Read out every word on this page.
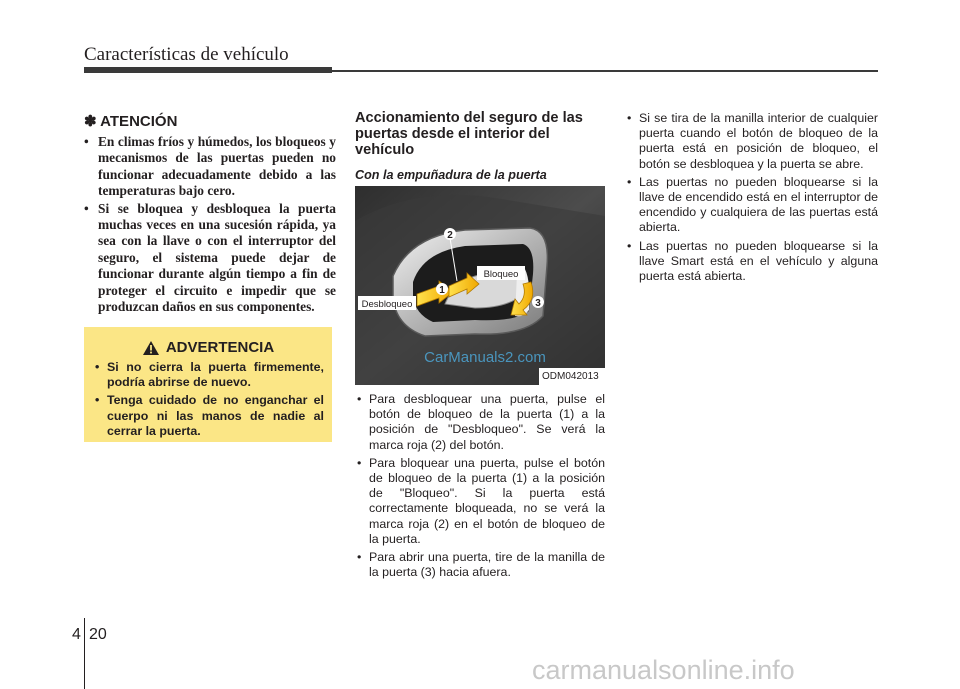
Características de vehículo
✽ ATENCIÓN
• En climas fríos y húmedos, los bloqueos y mecanismos de las puertas pueden no funcionar adecuadamente debido a las temperaturas bajo cero.
• Si se bloquea y desbloquea la puerta muchas veces en una sucesión rápida, ya sea con la llave o con el interruptor del seguro, el sistema puede dejar de funcionar durante algún tiempo a fin de proteger el circuito e impedir que se produzcan daños en sus componentes.
ADVERTENCIA
• Si no cierra la puerta firmemente, podría abrirse de nuevo.
• Tenga cuidado de no enganchar el cuerpo ni las manos de nadie al cerrar la puerta.
Accionamiento del seguro de las puertas desde el interior del vehículo
Con la empuñadura de la puerta
2
1
3
Bloqueo
Desbloqueo
CarManuals2.com
ODM042013
• Para desbloquear una puerta, pulse el botón de bloqueo de la puerta (1) a la posición de "Desbloqueo". Se verá la marca roja (2) del botón.
• Para bloquear una puerta, pulse el botón de bloqueo de la puerta (1) a la posición de "Bloqueo". Si la puerta está correctamente bloqueada, no se verá la marca roja (2) en el botón de bloqueo de la puerta.
• Para abrir una puerta, tire de la manilla de la puerta (3) hacia afuera.
• Si se tira de la manilla interior de cualquier puerta cuando el botón de bloqueo de la puerta está en posición de bloqueo, el botón se desbloquea y la puerta se abre.
• Las puertas no pueden bloquearse si la llave de encendido está en el interruptor de encendido y cualquiera de las puertas está abierta.
• Las puertas no pueden bloquearse si la llave Smart está en el vehículo y alguna puerta está abierta.
4 20
carmanualsonline.info
